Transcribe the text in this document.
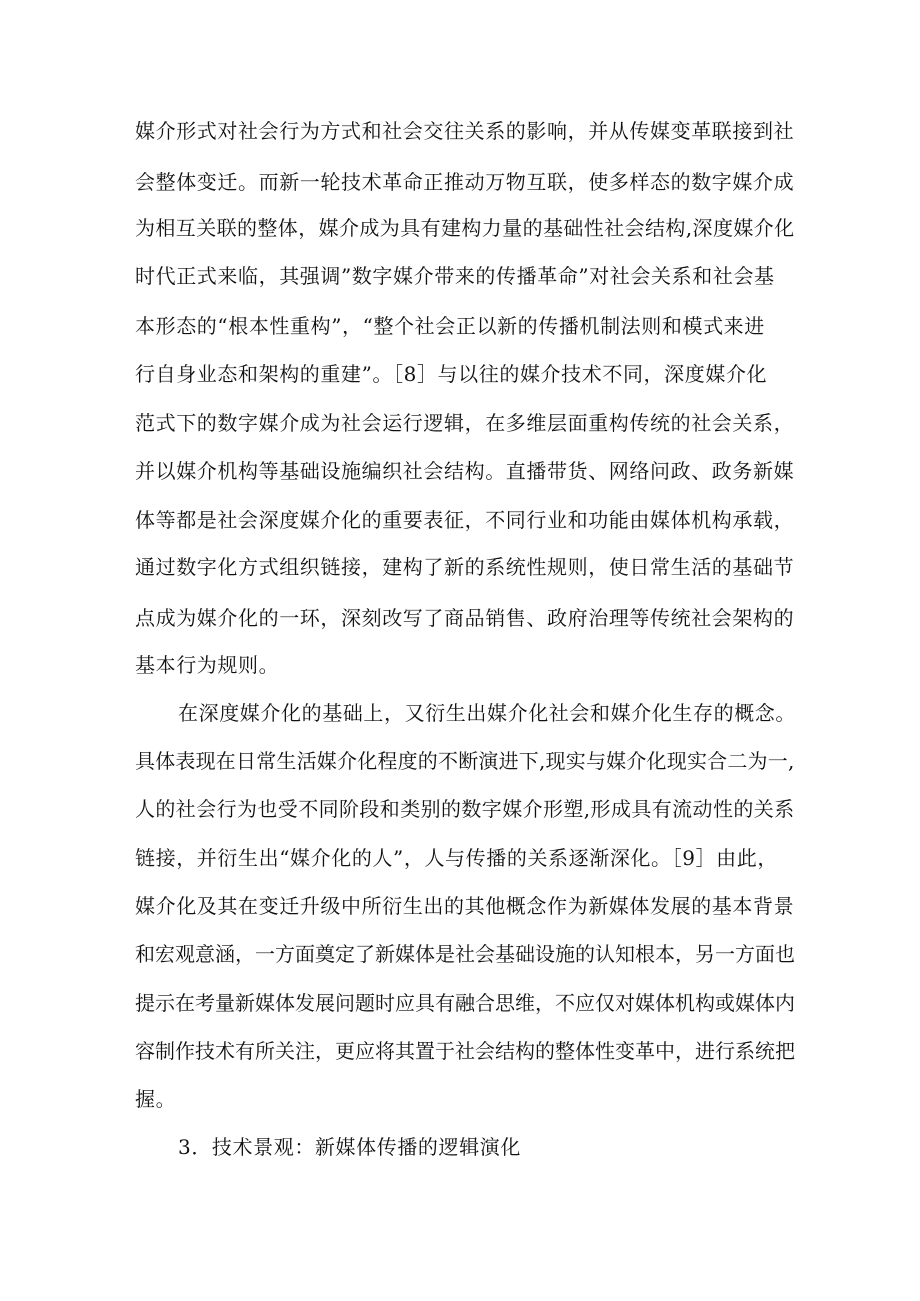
媒介形式对社会行为方式和社会交往关系的影响，并从传媒变革联接到社
会整体变迁。而新一轮技术革命正推动万物互联，使多样态的数字媒介成
为相互关联的整体，媒介成为具有建构力量的基础性社会结构,深度媒介化
时代正式来临，其强调”数字媒介带来的传播革命”对社会关系和社会基
本形态的“根本性重构”，“整个社会正以新的传播机制法则和模式来进
行自身业态和架构的重建”。［8］与以往的媒介技术不同，深度媒介化
范式下的数字媒介成为社会运行逻辑，在多维层面重构传统的社会关系，
并以媒介机构等基础设施编织社会结构。直播带货、网络问政、政务新媒
体等都是社会深度媒介化的重要表征，不同行业和功能由媒体机构承载，
通过数字化方式组织链接，建构了新的系统性规则，使日常生活的基础节
点成为媒介化的一环，深刻改写了商品销售、政府治理等传统社会架构的
基本行为规则。
在深度媒介化的基础上，又衍生出媒介化社会和媒介化生存的概念。
具体表现在日常生活媒介化程度的不断演进下,现实与媒介化现实合二为一,
人的社会行为也受不同阶段和类别的数字媒介形塑,形成具有流动性的关系
链接，并衍生出“媒介化的人”，人与传播的关系逐渐深化。［9］由此，
媒介化及其在变迁升级中所衍生出的其他概念作为新媒体发展的基本背景
和宏观意涵，一方面奠定了新媒体是社会基础设施的认知根本，另一方面也
提示在考量新媒体发展问题时应具有融合思维，不应仅对媒体机构或媒体内
容制作技术有所关注，更应将其置于社会结构的整体性变革中，进行系统把
握。
3．技术景观：新媒体传播的逻辑演化
